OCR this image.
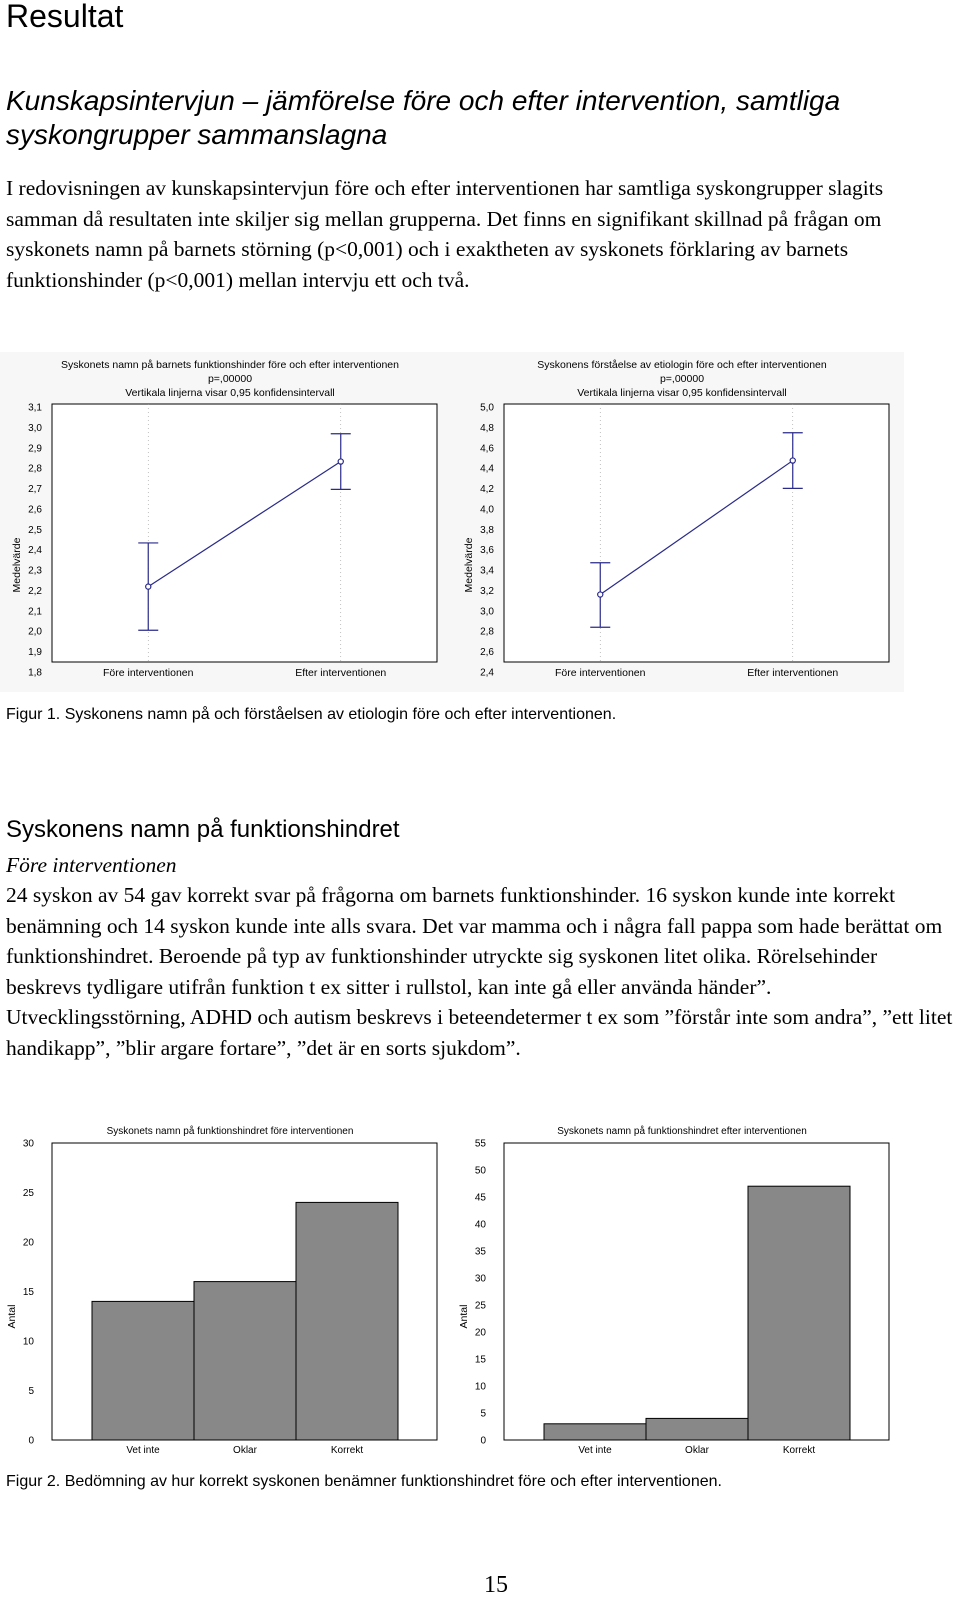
Resultat
Kunskapsintervjun – jämförelse före och efter intervention, samtliga syskongrupper sammanslagna
I redovisningen av kunskapsintervjun före och efter interventionen har samtliga syskongrupper slagits samman då resultaten inte skiljer sig mellan grupperna. Det finns en signifikant skillnad på frågan om syskonets namn på barnets störning (p<0,001) och i exaktheten av syskonets förklaring av barnets funktionshinder (p<0,001) mellan intervju ett och två.
3,1
3,0
2,9
2,8
2,7
2,6
2,5
2,4
2,3
2,2
2,1
2,0
1,9
1,8
Syskonets namn på barnets funktionshinder före och efter interventionen
p=,00000
Vertikala linjerna visar 0,95 konfidensintervall
Medelvärde
Före interventionen	Efter interventionen
5,0
4,8
4,6
4,4
4,2
4,0
3,8
3,6
3,4
3,2
3,0
2,8
2,6
2,4
Syskonens förståelse av etiologin före och efter interventionen
p=,00000
Vertikala linjerna visar 0,95 konfidensintervall
Medelvärde
Före interventionen	Efter interventionen
Figur 1. Syskonens namn på och förståelsen av etiologin före och efter interventionen.
Syskonens namn på funktionshindret
Före interventionen
24 syskon av 54 gav korrekt svar på frågorna om barnets funktionshinder. 16 syskon kunde inte korrekt benämning och 14 syskon kunde inte alls svara. Det var mamma och i några fall pappa som hade berättat om funktionshindret. Beroende på typ av funktionshinder utryckte sig syskonen litet olika. Rörelsehinder beskrevs tydligare utifrån funktion t ex sitter i rullstol, kan inte gå eller använda händer”. Utvecklingsstörning, ADHD och autism beskrevs i beteendetermer t ex som ”förstår inte som andra”, ”ett litet handikapp”, ”blir argare fortare”, ”det är en sorts sjukdom”.
Syskonets namn på funktionshindret före interventionen
30
25
20
15
10
5
0
Antal
Vet inte	Oklar	Korrekt
Syskonets namn på funktionshindret efter interventionen
55
50
45
40
35
30
25
20
15
10
5
0
Antal
Vet inte	Oklar	Korrekt
Figur 2. Bedömning av hur korrekt syskonen benämner funktionshindret före och efter interventionen.
15
